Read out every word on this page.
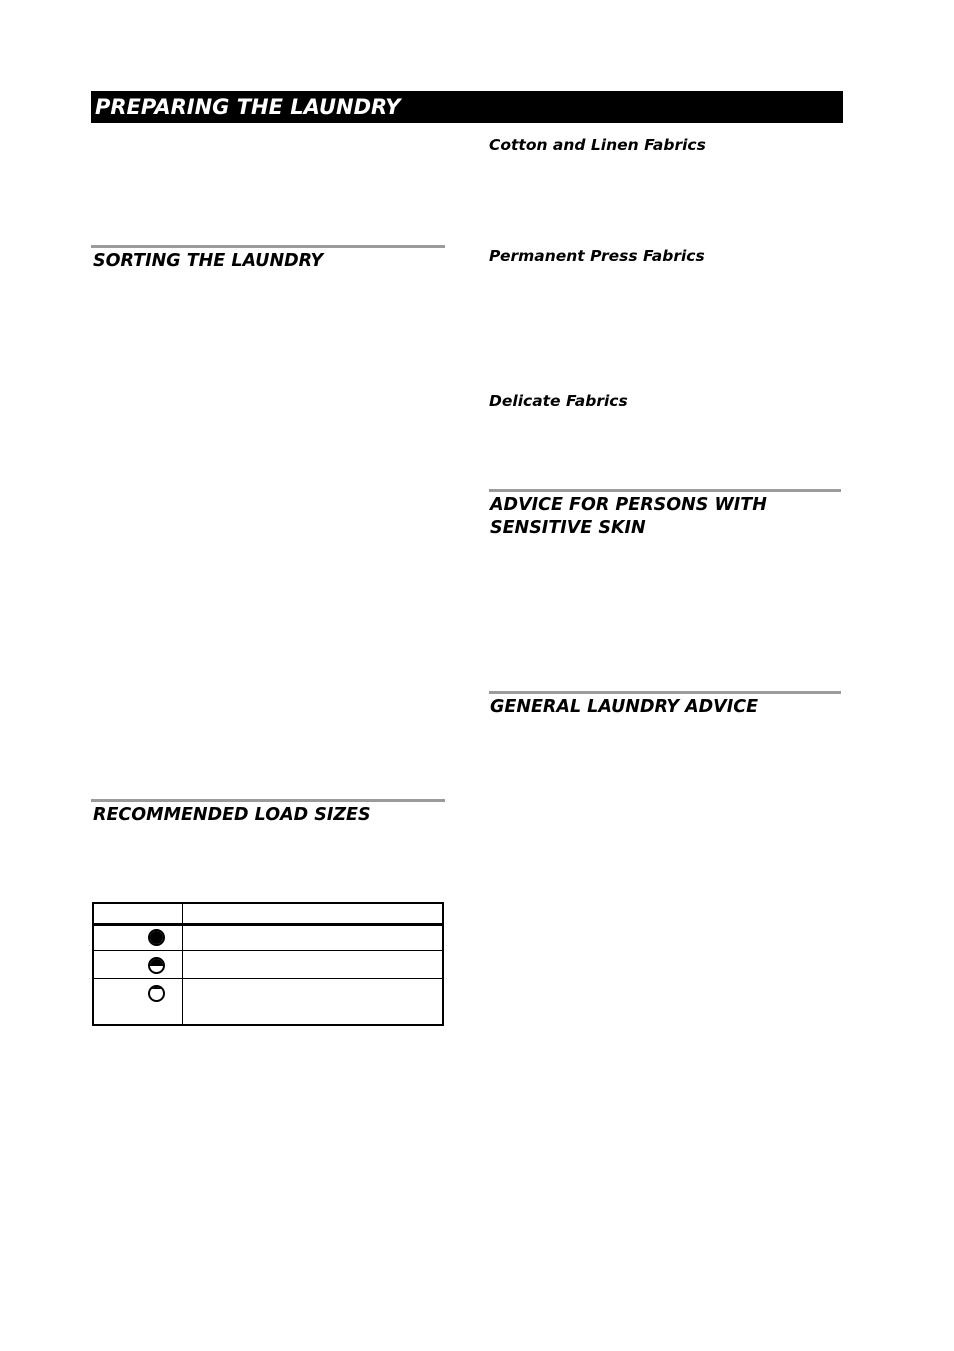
PREPARING THE LAUNDRY
SORTING THE LAUNDRY
RECOMMENDED LOAD SIZES
Cotton and Linen Fabrics
Permanent Press Fabrics
Delicate Fabrics
ADVICE FOR PERSONS WITH
SENSITIVE SKIN
GENERAL LAUNDRY ADVICE
